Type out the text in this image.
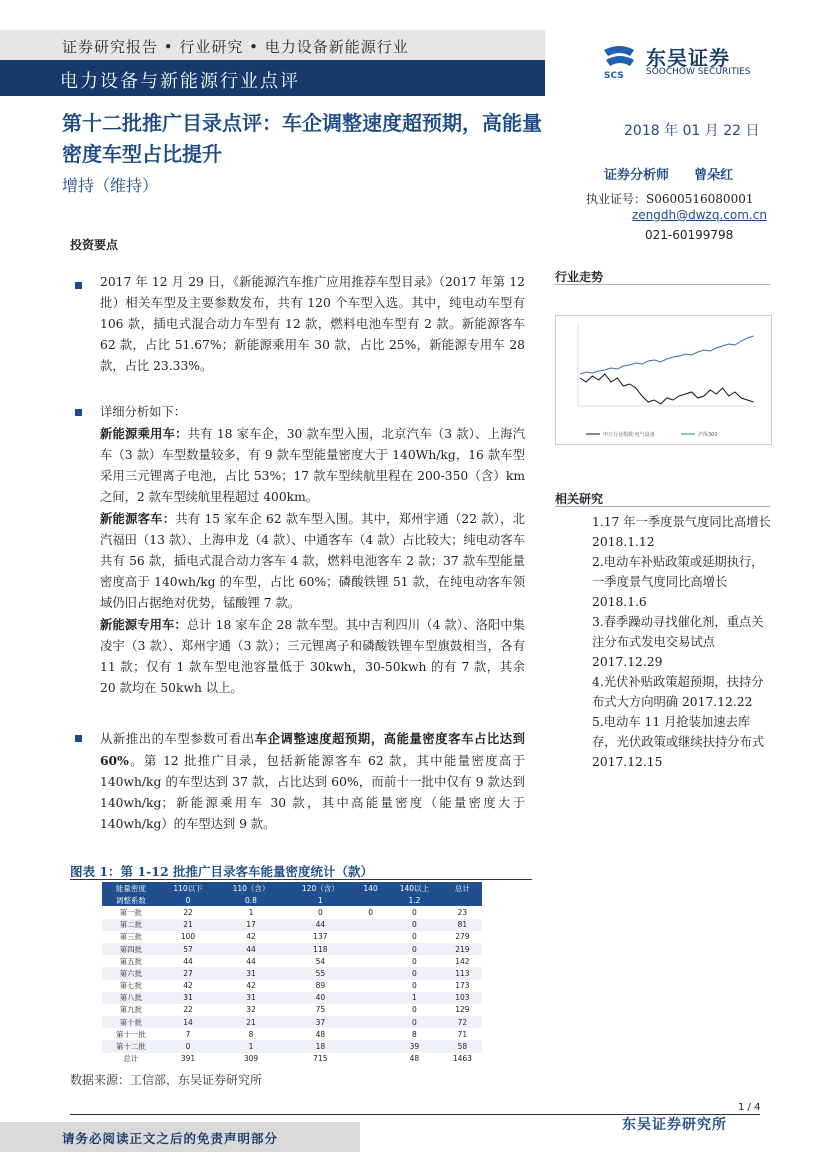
证券研究报告 • 行业研究 • 电力设备新能源行业
电力设备与新能源行业点评	SCS
东吴证券
SOOCHOW SECURITIES
第十二批推广目录点评：车企调整速度超预期，高能量密度车型占比提升
增持（维持）
2018 年 01 月 22 日
证券分析师 曾朵红
执业证号：S0600516080001
zengdh@dwzq.com.cn
021-60199798
投资要点
2017 年 12 月 29 日，《新能源汽车推广应用推荐车型目录》（2017 年第 12 批）相关车型及主要参数发布，共有 120 个车型入选。其中，纯电动车型有 106 款，插电式混合动力车型有 12 款，燃料电池车型有 2 款。新能源客车 62 款，占比 51.67%；新能源乘用车 30 款，占比 25%，新能源专用车 28 款，占比 23.33%。
详细分析如下：
新能源乘用车：共有 18 家车企，30 款车型入围，北京汽车（3 款）、上海汽车（3 款）车型数量较多，有 9 款车型能量密度大于 140Wh/kg，16 款车型采用三元锂离子电池，占比 53%；17 款车型续航里程在 200-350（含）km 之间，2 款车型续航里程超过 400km。
新能源客车：共有 15 家车企 62 款车型入围。其中，郑州宇通（22 款），北汽福田（13 款）、上海申龙（4 款）、中通客车（4 款）占比较大；纯电动客车共有 56 款，插电式混合动力客车 4 款，燃料电池客车 2 款；37 款车型能量密度高于 140wh/kg 的车型，占比 60%；磷酸铁锂 51 款，在纯电动客车领域仍旧占据绝对优势，锰酸锂 7 款。
新能源专用车：总计 18 家车企 28 款车型。其中吉利四川（4 款）、洛阳中集凌宇（3 款）、郑州宇通（3 款）；三元锂离子和磷酸铁锂车型旗鼓相当，各有 11 款；仅有 1 款车型电池容量低于 30kwh，30-50kwh 的有 7 款，其余 20 款均在 50kwh 以上。
从新推出的车型参数可看出车企调整速度超预期，高能量密度客车占比达到 60%。第 12 批推广目录，包括新能源客车 62 款，其中能量密度高于 140wh/kg 的车型达到 37 款，占比达到 60%，而前十一批中仅有 9 款达到 140wh/kg；新能源乘用车 30 款，其中高能量密度（能量密度大于 140wh/kg）的车型达到 9 款。
行业走势
申万行业指数:电气设备	沪深300
相关研究
1.17 年一季度景气度同比高增长 2018.1.12
2.电动车补贴政策或延期执行，一季度景气度同比高增长 2018.1.6
3.春季躁动寻找催化剂，重点关注分布式发电交易试点 2017.12.29
4.光伏补贴政策超预期，扶持分布式大方向明确 2017.12.22
5.电动车 11 月抢装加速去库存，光伏政策或继续扶持分布式 2017.12.15
图表 1：第 1-12 批推广目录客车能量密度统计（款）
能量密度	110以下	110（含）	120（含）	140	140以上	总计
调整系数	0	0.8	1		1.2	
第一批	22	1	0	0	0	23
第二批	21	17	44		0	81
第三批	100	42	137		0	279
第四批	57	44	118		0	219
第五批	44	44	54		0	142
第六批	27	31	55		0	113
第七批	42	42	89		0	173
第八批	31	31	40		1	103
第九批	22	32	75		0	129
第十批	14	21	37		0	72
第十一批	7	8	48		8	71
第十二批	0	1	18		39	58
总计	391	309	715		48	1463
数据来源：工信部，东吴证券研究所
1 / 4
东吴证券研究所
请务必阅读正文之后的免责声明部分
